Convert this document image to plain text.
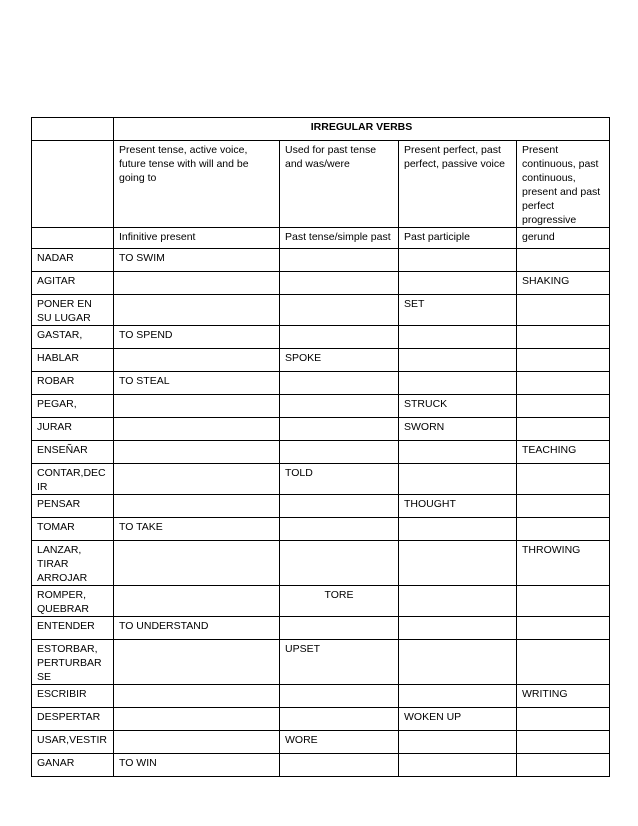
	IRREGULAR VERBS			
	Present tense, active voice, future tense with will and be going to	Used for past tense and was/were	Present perfect, past perfect, passive voice	Present continuous, past continuous, present and past perfect progressive
	Infinitive present	Past tense/simple past	Past participle	gerund
NADAR	TO SWIM			
AGITAR				SHAKING
PONER EN SU LUGAR			SET	
GASTAR,	TO SPEND			
HABLAR		SPOKE		
ROBAR	TO STEAL			
PEGAR,			STRUCK	
JURAR			SWORN	
ENSEÑAR				TEACHING
CONTAR,DECIR		TOLD		
PENSAR			THOUGHT	
TOMAR	TO TAKE			
LANZAR, TIRAR ARROJAR				THROWING
ROMPER, QUEBRAR		TORE		
ENTENDER	TO UNDERSTAND			
ESTORBAR, PERTURBARSE		UPSET		
ESCRIBIR				WRITING
DESPERTAR			WOKEN UP	
USAR,VESTIR		WORE		
GANAR	TO WIN			
